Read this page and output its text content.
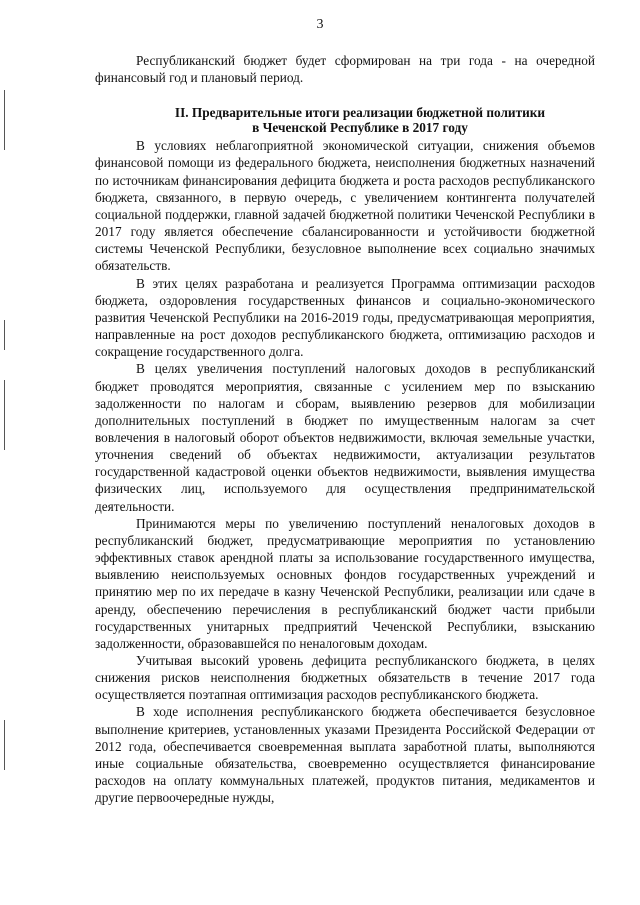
3

Республиканский бюджет будет сформирован на три года - на очередной финансовый год и плановый период.

II. Предварительные итоги реализации бюджетной политики
в Чеченской Республике в 2017 году

В условиях неблагоприятной экономической ситуации, снижения объемов финансовой помощи из федерального бюджета, неисполнения бюджетных назначений по источникам финансирования дефицита бюджета и роста расходов республиканского бюджета, связанного, в первую очередь, с увеличением контингента получателей социальной поддержки, главной задачей бюджетной политики Чеченской Республики в 2017 году является обеспечение сбалансированности и устойчивости бюджетной системы Чеченской Республики, безусловное выполнение всех социально значимых обязательств.

В этих целях разработана и реализуется Программа оптимизации расходов бюджета, оздоровления государственных финансов и социально-экономического развития Чеченской Республики на 2016-2019 годы, предусматривающая мероприятия, направленные на рост доходов республиканского бюджета, оптимизацию расходов и сокращение государственного долга.

В целях увеличения поступлений налоговых доходов в республиканский бюджет проводятся мероприятия, связанные с усилением мер по взысканию задолженности по налогам и сборам, выявлению резервов для мобилизации дополнительных поступлений в бюджет по имущественным налогам за счет вовлечения в налоговый оборот объектов недвижимости, включая земельные участки, уточнения сведений об объектах недвижимости, актуализации результатов государственной кадастровой оценки объектов недвижимости, выявления имущества физических лиц, используемого для осуществления предпринимательской деятельности.

Принимаются меры по увеличению поступлений неналоговых доходов в республиканский бюджет, предусматривающие мероприятия по установлению эффективных ставок арендной платы за использование государственного имущества, выявлению неиспользуемых основных фондов государственных учреждений и принятию мер по их передаче в казну Чеченской Республики, реализации или сдаче в аренду, обеспечению перечисления в республиканский бюджет части прибыли государственных унитарных предприятий Чеченской Республики, взысканию задолженности, образовавшейся по неналоговым доходам.

Учитывая высокий уровень дефицита республиканского бюджета, в целях снижения рисков неисполнения бюджетных обязательств в течение 2017 года осуществляется поэтапная оптимизация расходов республиканского бюджета.

В ходе исполнения республиканского бюджета обеспечивается безусловное выполнение критериев, установленных указами Президента Российской Федерации от 2012 года, обеспечивается своевременная выплата заработной платы, выполняются иные социальные обязательства, своевременно осуществляется финансирование расходов на оплату коммунальных платежей, продуктов питания, медикаментов и другие первоочередные нужды,
